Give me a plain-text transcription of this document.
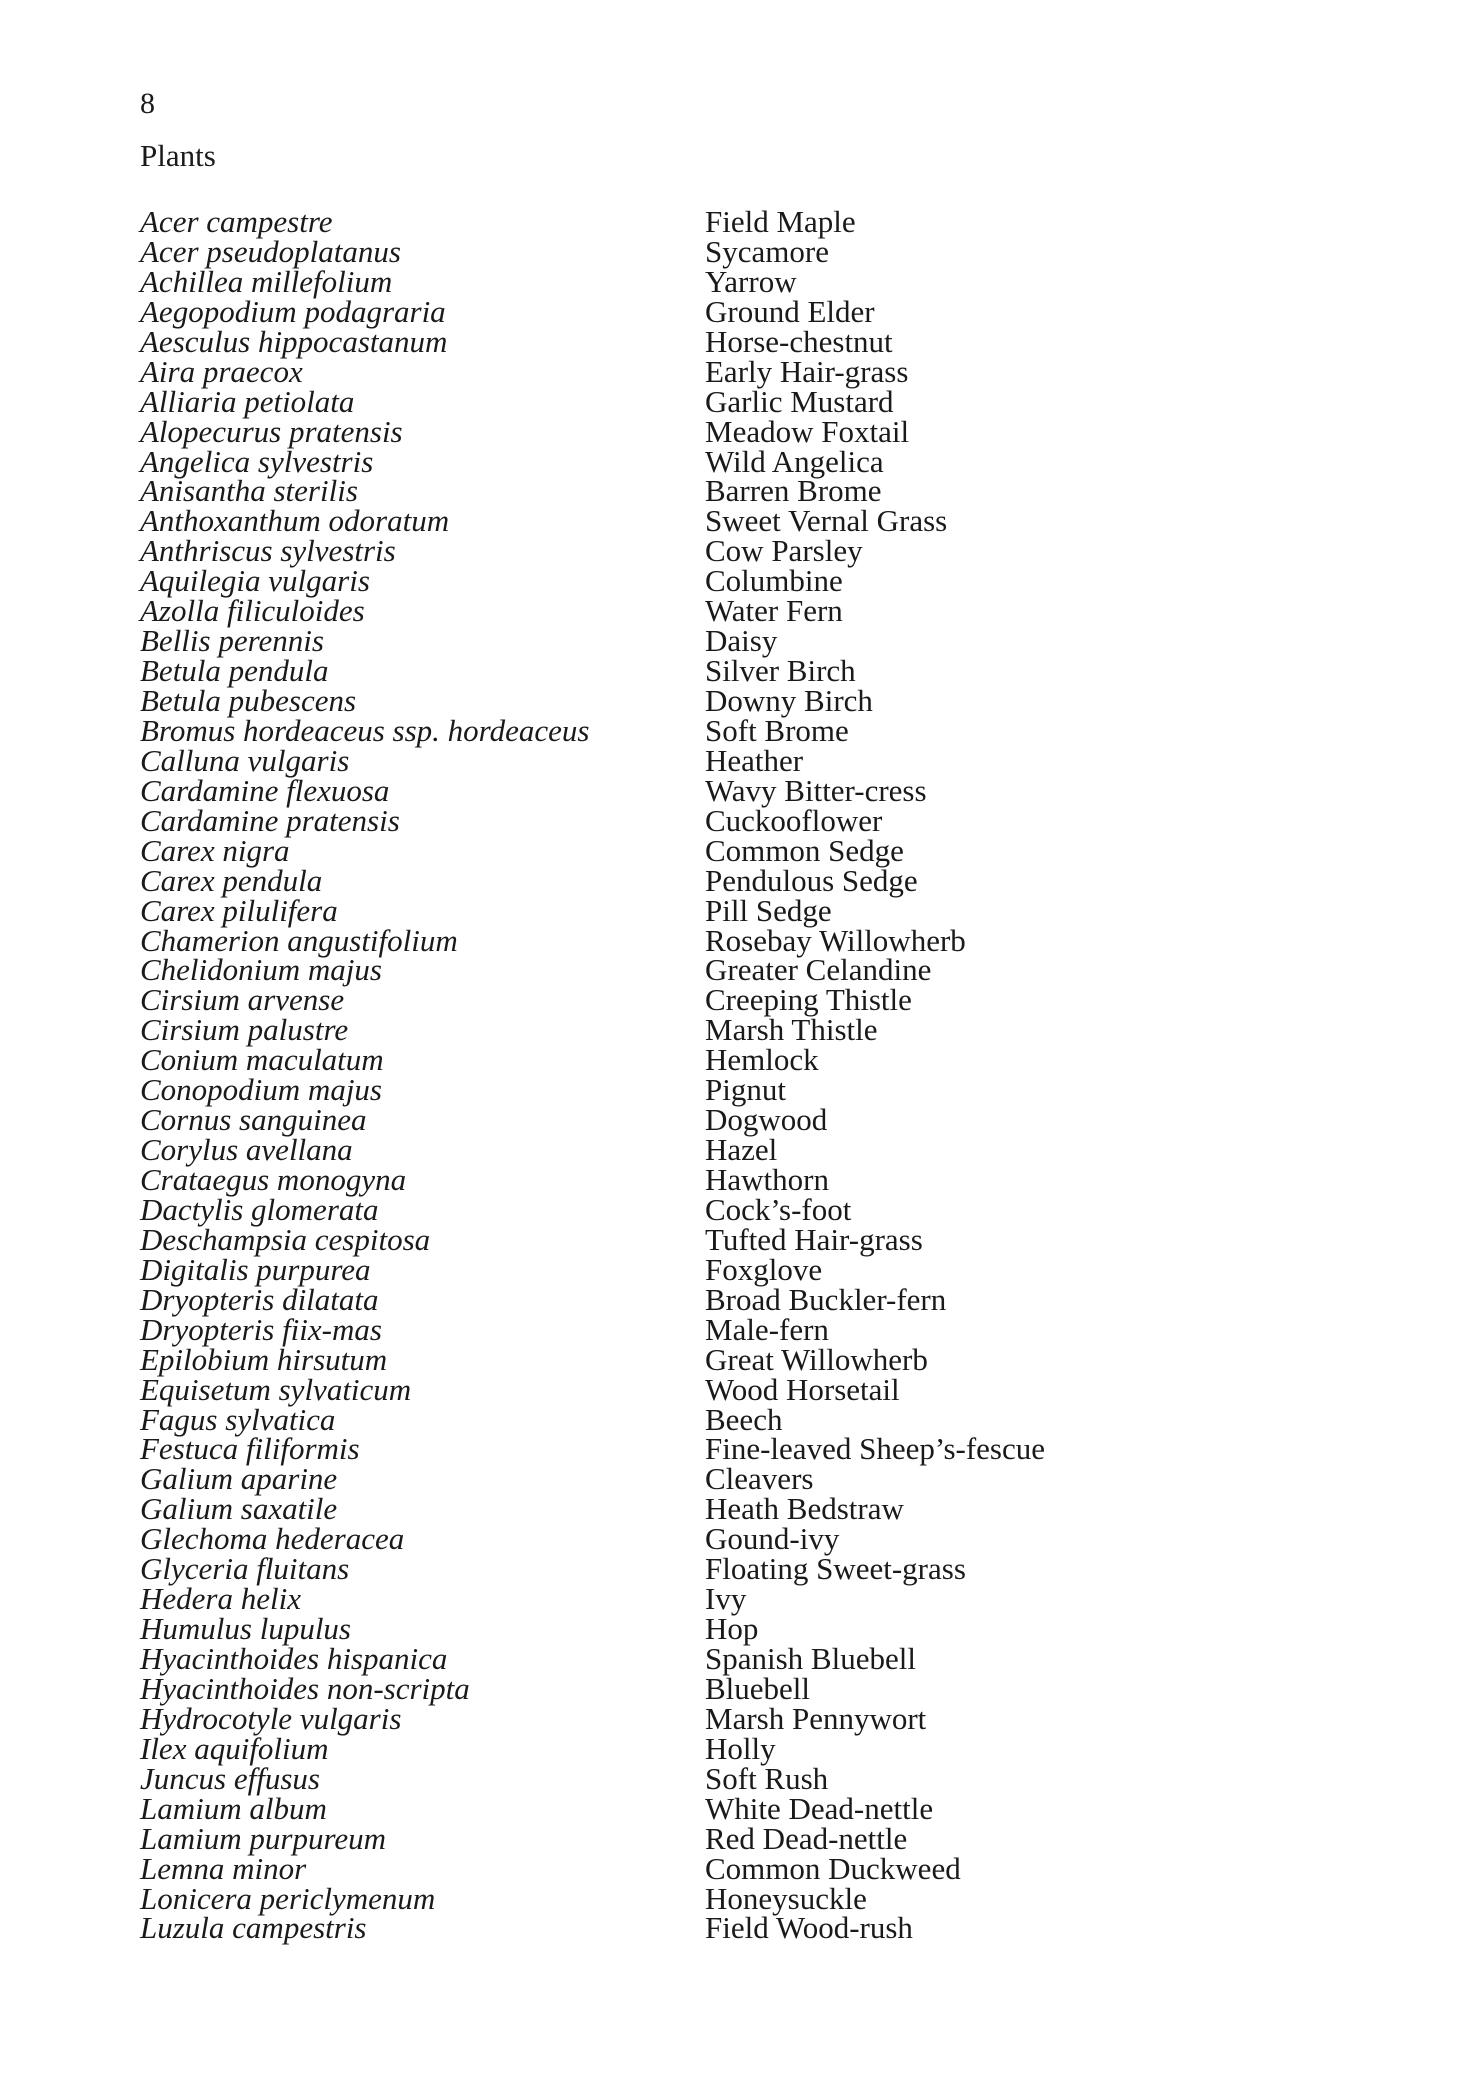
8
Plants
Acer campestre	Field Maple
Acer pseudoplatanus	Sycamore
Achillea millefolium	Yarrow
Aegopodium podagraria	Ground Elder
Aesculus hippocastanum	Horse-chestnut
Aira praecox	Early Hair-grass
Alliaria petiolata	Garlic Mustard
Alopecurus pratensis	Meadow Foxtail
Angelica sylvestris	Wild Angelica
Anisantha sterilis	Barren Brome
Anthoxanthum odoratum	Sweet Vernal Grass
Anthriscus sylvestris	Cow Parsley
Aquilegia vulgaris	Columbine
Azolla filiculoides	Water Fern
Bellis perennis	Daisy
Betula pendula	Silver Birch
Betula pubescens	Downy Birch
Bromus hordeaceus ssp. hordeaceus	Soft Brome
Calluna vulgaris	Heather
Cardamine flexuosa	Wavy Bitter-cress
Cardamine pratensis	Cuckooflower
Carex nigra	Common Sedge
Carex pendula	Pendulous Sedge
Carex pilulifera	Pill Sedge
Chamerion angustifolium	Rosebay Willowherb
Chelidonium majus	Greater Celandine
Cirsium arvense	Creeping Thistle
Cirsium palustre	Marsh Thistle
Conium maculatum	Hemlock
Conopodium majus	Pignut
Cornus sanguinea	Dogwood
Corylus avellana	Hazel
Crataegus monogyna	Hawthorn
Dactylis glomerata	Cock’s-foot
Deschampsia cespitosa	Tufted Hair-grass
Digitalis purpurea	Foxglove
Dryopteris dilatata	Broad Buckler-fern
Dryopteris fiix-mas	Male-fern
Epilobium hirsutum	Great Willowherb
Equisetum sylvaticum	Wood Horsetail
Fagus sylvatica	Beech
Festuca filiformis	Fine-leaved Sheep’s-fescue
Galium aparine	Cleavers
Galium saxatile	Heath Bedstraw
Glechoma hederacea	Gound-ivy
Glyceria fluitans	Floating Sweet-grass
Hedera helix	Ivy
Humulus lupulus	Hop
Hyacinthoides hispanica	Spanish Bluebell
Hyacinthoides non-scripta	Bluebell
Hydrocotyle vulgaris	Marsh Pennywort
Ilex aquifolium	Holly
Juncus effusus	Soft Rush
Lamium album	White Dead-nettle
Lamium purpureum	Red Dead-nettle
Lemna minor	Common Duckweed
Lonicera periclymenum	Honeysuckle
Luzula campestris	Field Wood-rush
